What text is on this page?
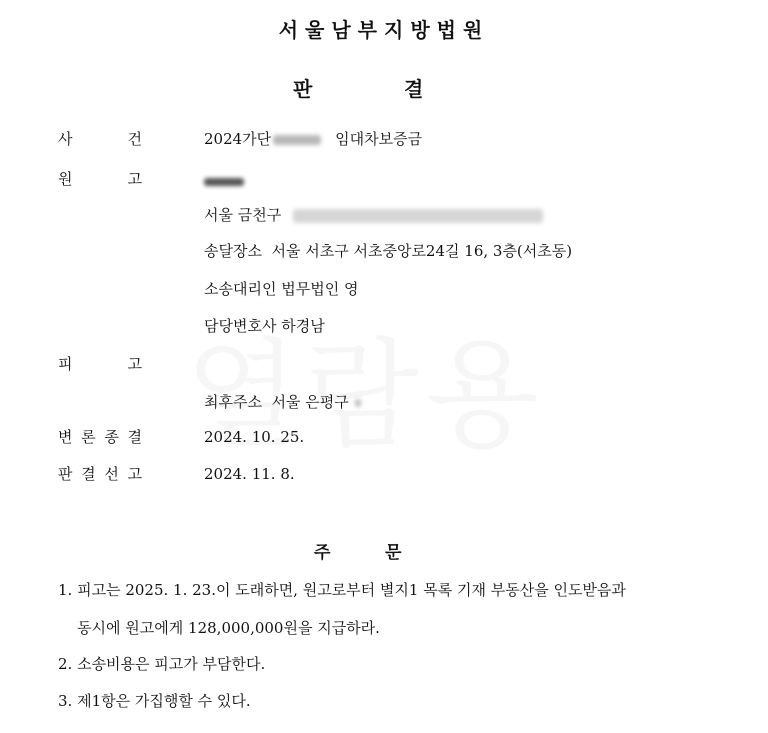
서울남부지방법원
판	결
사	건	2024가단	임대차보증금
원	고
서울 금천구
송달장소  서울 서초구 서초중앙로24길 16, 3층(서초동)
소송대리인 법무법인 영
담당변호사 하경남
피	고
최후주소  서울 은평구
변 론 종 결	2024. 10. 25.
판 결 선 고	2024. 11. 8.
주	문
1. 피고는 2025. 1. 23.이 도래하면, 원고로부터 별지1 목록 기재 부동산을 인도받음과
동시에 원고에게 128,000,000원을 지급하라.
2. 소송비용은 피고가 부담한다.
3. 제1항은 가집행할 수 있다.
